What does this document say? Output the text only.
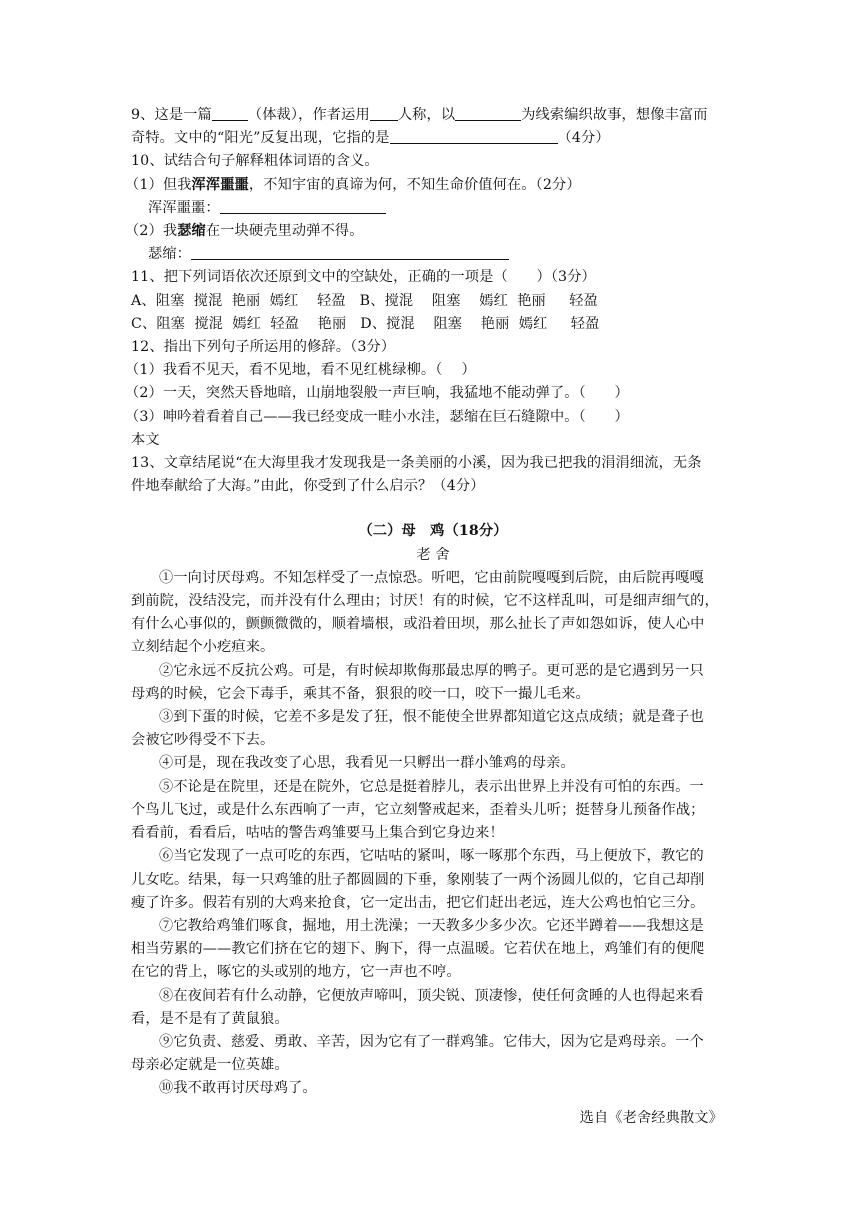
9、这是一篇	（体裁），作者运用 人称，以	为线索编织故事，想像丰富而
奇特。文中的“阳光”反复出现，它指的是	（4分）
10、试结合句子解释粗体词语的含义。
（1）但我浑浑噩噩，不知宇宙的真谛为何，不知生命价值何在。（2分）
浑浑噩噩：
（2）我瑟缩在一块硬壳里动弹不得。
瑟缩：
11、把下列词语依次还原到文中的空缺处，正确的一项是（　　）（3分）
A、阻塞  搅混  艳丽  嫣红    轻盈   B、搅混    阻塞    嫣红  艳丽     轻盈
C、阻塞  搅混  嫣红  轻盈    艳丽   D、搅混    阻塞    艳丽  嫣红     轻盈
12、指出下列句子所运用的修辞。（3分）
（1）我看不见天，看不见地，看不见红桃绿柳。（　 ）
（2）一天，突然天昏地暗，山崩地裂般一声巨响，我猛地不能动弹了。（　　）
（3）呻吟着看着自己——我已经变成一畦小水洼，瑟缩在巨石缝隙中。（　　）
本文
13、文章结尾说“在大海里我才发现我是一条美丽的小溪，因为我已把我的涓涓细流，无条
件地奉献给了大海。”由此，你受到了什么启示？（4分）
（二）母　鸡（18分）
老 舍
①一向讨厌母鸡。不知怎样受了一点惊恐。听吧，它由前院嘎嘎到后院，由后院再嘎嘎
到前院，没结没完，而并没有什么理由；讨厌！有的时候，它不这样乱叫，可是细声细气的，
有什么心事似的，颤颤微微的，顺着墙根，或沿着田坝，那么扯长了声如怨如诉，使人心中
立刻结起个小疙疸来。
②它永远不反抗公鸡。可是，有时候却欺侮那最忠厚的鸭子。更可恶的是它遇到另一只
母鸡的时候，它会下毒手，乘其不备，狠狠的咬一口，咬下一撮儿毛来。
③到下蛋的时候，它差不多是发了狂，恨不能使全世界都知道它这点成绩；就是聋子也
会被它吵得受不下去。
④可是，现在我改变了心思，我看见一只孵出一群小雏鸡的母亲。
⑤不论是在院里，还是在院外，它总是挺着脖儿，表示出世界上并没有可怕的东西。一
个鸟儿飞过，或是什么东西响了一声，它立刻警戒起来，歪着头儿听；挺替身儿预备作战；
看看前，看看后，咕咕的警告鸡雏要马上集合到它身边来！
⑥当它发现了一点可吃的东西，它咕咕的紧叫，啄一啄那个东西，马上便放下，教它的
儿女吃。结果，每一只鸡雏的肚子都圆圆的下垂，象刚装了一两个汤圆儿似的，它自己却削
瘦了许多。假若有别的大鸡来抢食，它一定出击，把它们赶出老远，连大公鸡也怕它三分。
⑦它教给鸡雏们啄食，掘地，用土洗澡；一天教多少多少次。它还半蹲着——我想这是
相当劳累的——教它们挤在它的翅下、胸下，得一点温暖。它若伏在地上，鸡雏们有的便爬
在它的背上，啄它的头或别的地方，它一声也不哼。
⑧在夜间若有什么动静，它便放声啼叫，顶尖锐、顶凄惨，使任何贪睡的人也得起来看
看，是不是有了黄鼠狼。
⑨它负责、慈爱、勇敢、辛苦，因为它有了一群鸡雏。它伟大，因为它是鸡母亲。一个
母亲必定就是一位英雄。
⑩我不敢再讨厌母鸡了。
选自《老舍经典散文》
